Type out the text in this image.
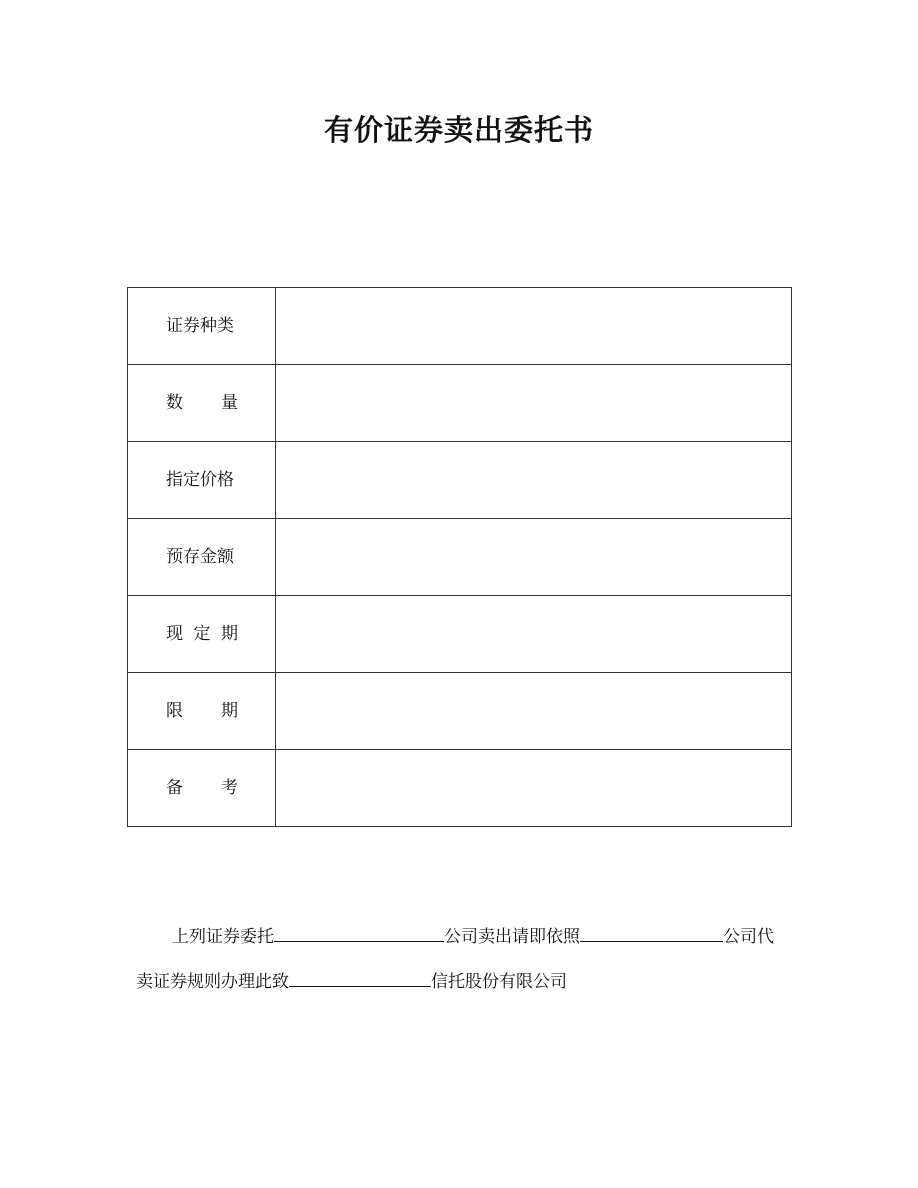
有价证券卖出委托书
证券种类	

数 量	

指定价格	

预存金额	

现 定 期	

限 期	

备 考	

上列证券委托	公司卖出请即依照	公司代
卖证券规则办理此致	信托股份有限公司
